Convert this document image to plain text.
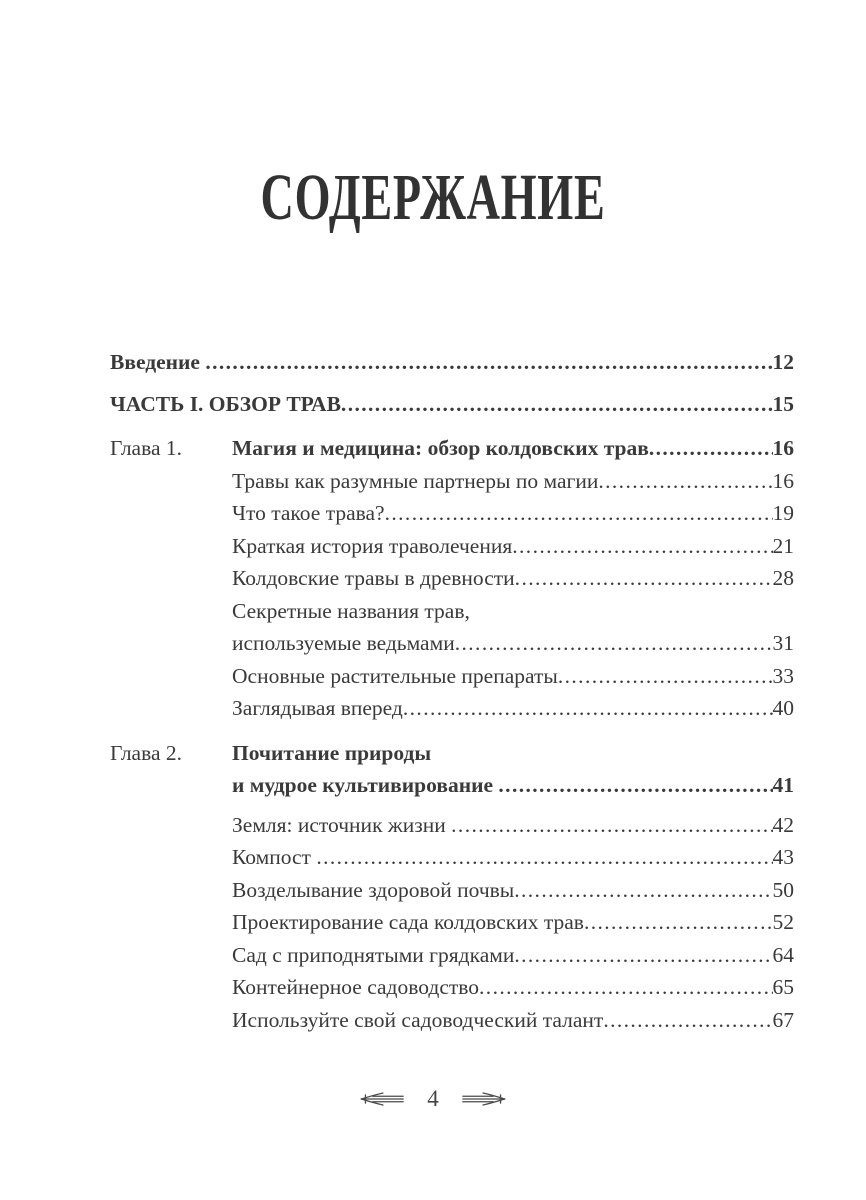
СОДЕРЖАНИЕ
Введение .....	12
ЧАСТЬ I. ОБЗОР ТРАВ .....	15
Глава 1.	Магия и медицина: обзор колдовских трав .....	16
Травы как разумные партнеры по магии .....	16
Что такое трава? .....	19
Краткая история траволечения .....	21
Колдовские травы в древности .....	28
Секретные названия трав,
используемые ведьмами .....	31
Основные растительные препараты .....	33
Заглядывая вперед .....	40
Глава 2.	Почитание природы
и мудрое культивирование .....	41
Земля: источник жизни .....	42
Компост .....	43
Возделывание здоровой почвы .....	50
Проектирование сада колдовских трав .....	52
Сад с приподнятыми грядками .....	64
Контейнерное садоводство .....	65
Используйте свой садоводческий талант .....	67
4
